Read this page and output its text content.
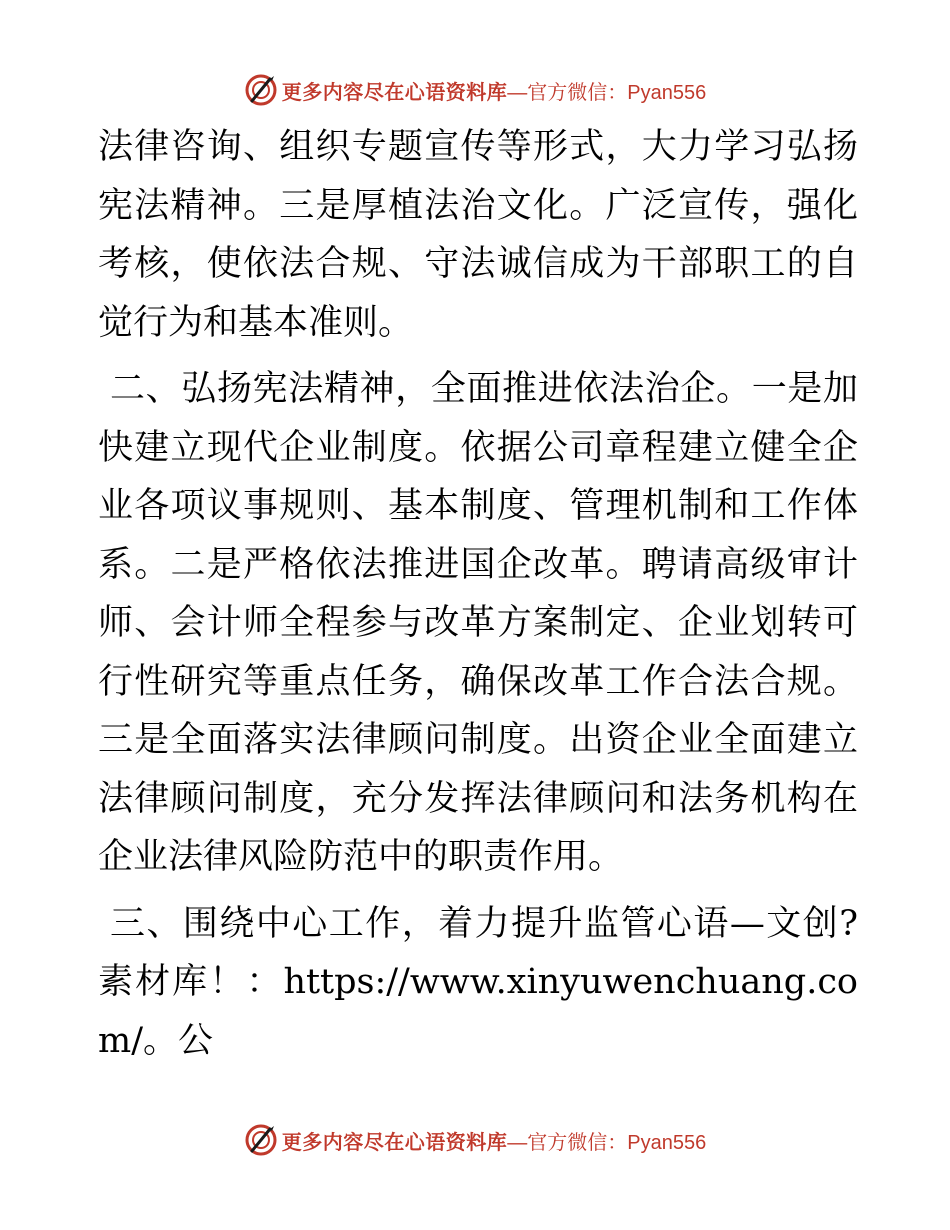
更多内容尽在心语资料库 —官方微信：Pyan556

法律咨询、组织专题宣传等形式，大力学习弘扬宪法精神。三是厚植法治文化。广泛宣传，强化考核，使依法合规、守法诚信成为干部职工的自觉行为和基本准则。

二、弘扬宪法精神，全面推进依法治企。一是加快建立现代企业制度。依据公司章程建立健全企业各项议事规则、基本制度、管理机制和工作体系。二是严格依法推进国企改革。聘请高级审计师、会计师全程参与改革方案制定、企业划转可行性研究等重点任务，确保改革工作合法合规。三是全面落实法律顾问制度。出资企业全面建立法律顾问制度，充分发挥法律顾问和法务机构在企业法律风险防范中的职责作用。

三、围绕中心工作，着力提升监管心语—文创?素材库！：https://www.xinyuwenchuang.com/。公

更多内容尽在心语资料库 —官方微信：Pyan556
